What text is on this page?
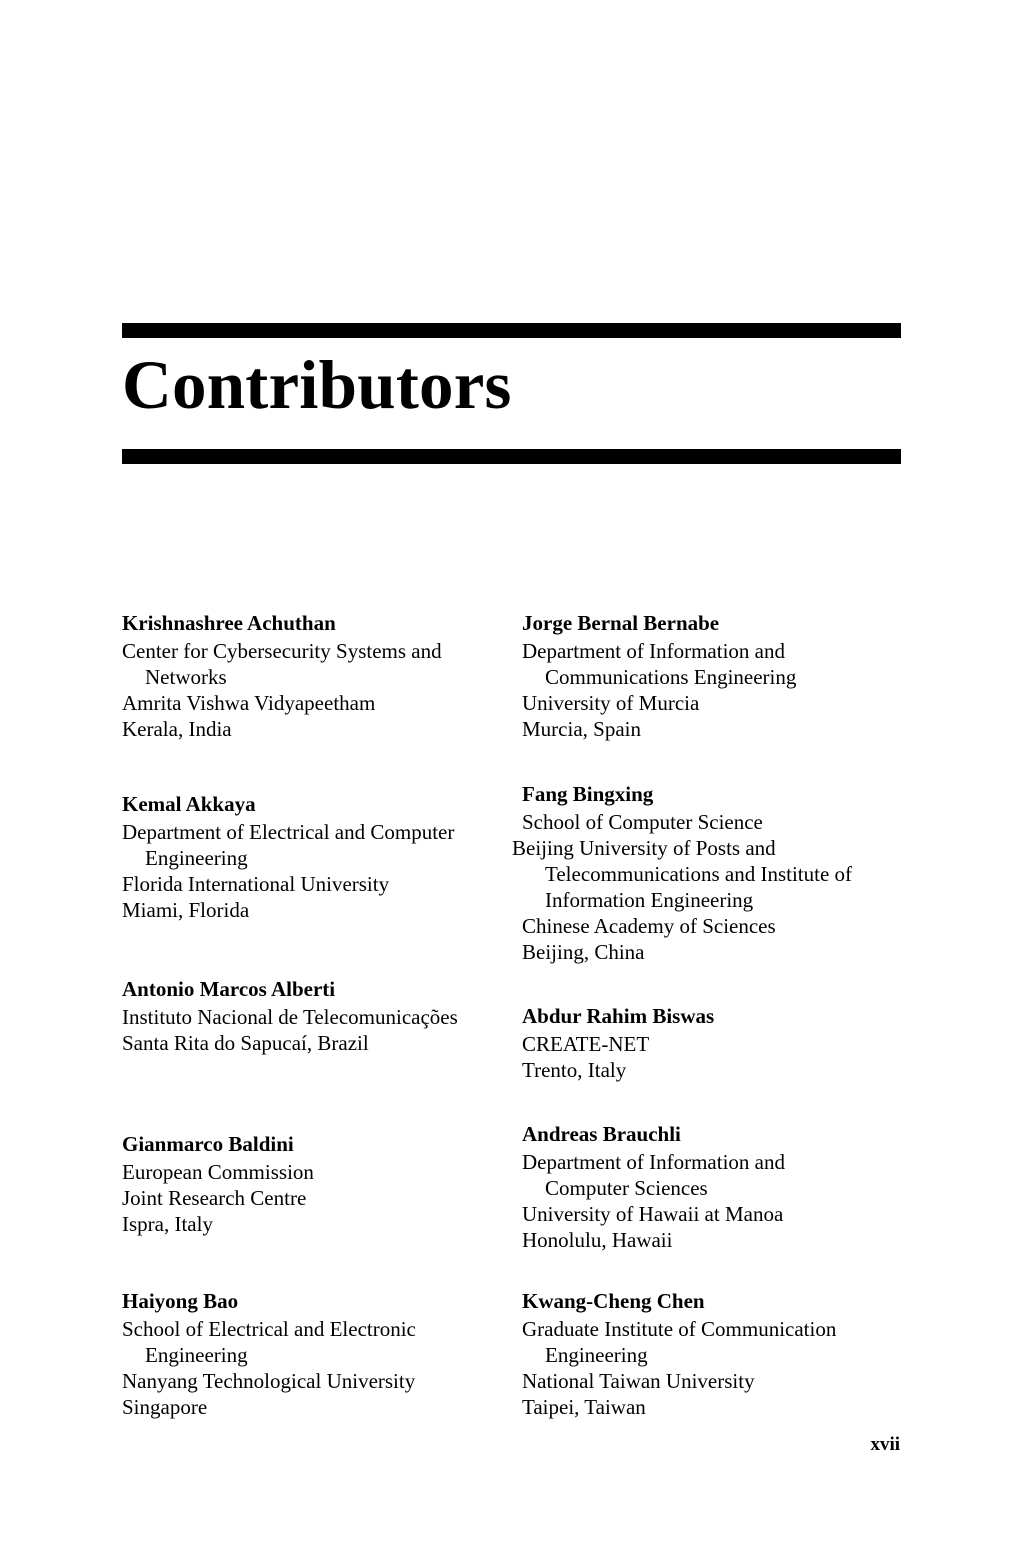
Contributors
Krishnashree Achuthan
Center for Cybersecurity Systems and
Networks
Amrita Vishwa Vidyapeetham
Kerala, India
Kemal Akkaya
Department of Electrical and Computer
Engineering
Florida International University
Miami, Florida
Antonio Marcos Alberti
Instituto Nacional de Telecomunicações
Santa Rita do Sapucaí, Brazil
Gianmarco Baldini
European Commission
Joint Research Centre
Ispra, Italy
Haiyong Bao
School of Electrical and Electronic
Engineering
Nanyang Technological University
Singapore
Jorge Bernal Bernabe
Department of Information and
Communications Engineering
University of Murcia
Murcia, Spain
Fang Bingxing
School of Computer Science
Beijing University of Posts and
Telecommunications and Institute of
Information Engineering
Chinese Academy of Sciences
Beijing, China
Abdur Rahim Biswas
CREATE-NET
Trento, Italy
Andreas Brauchli
Department of Information and
Computer Sciences
University of Hawaii at Manoa
Honolulu, Hawaii
Kwang-Cheng Chen
Graduate Institute of Communication
Engineering
National Taiwan University
Taipei, Taiwan
xvii
